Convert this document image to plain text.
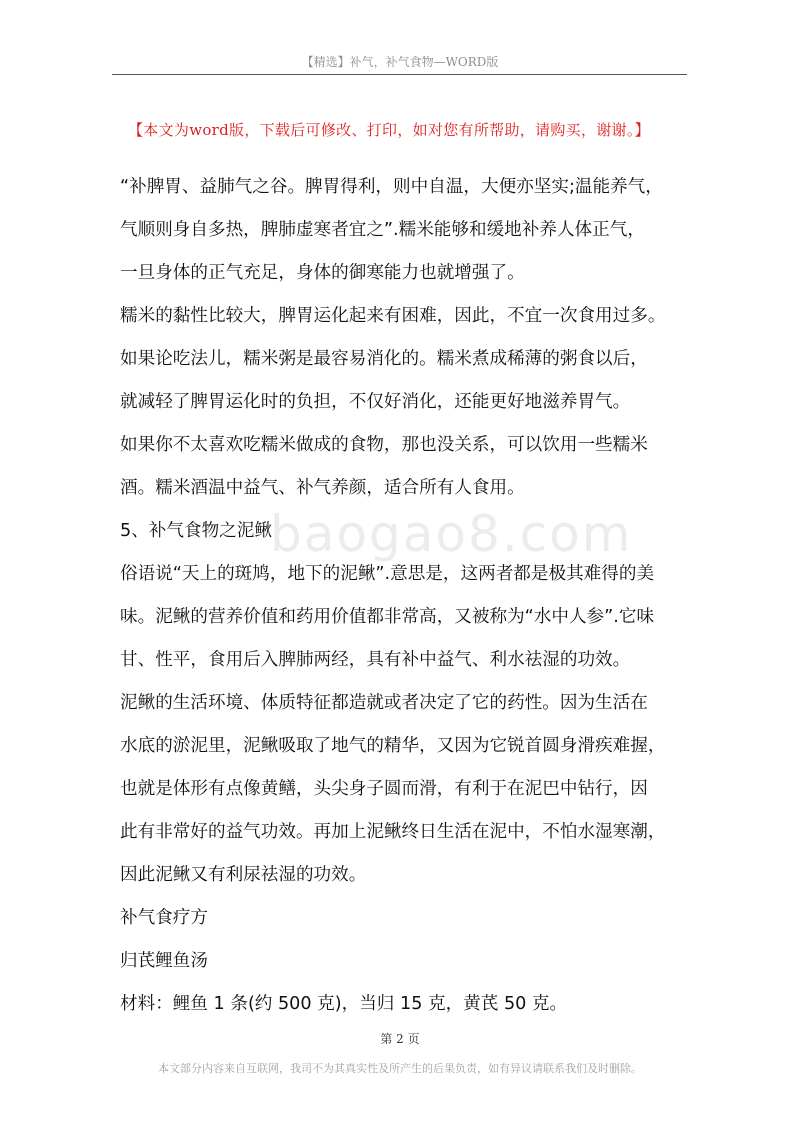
【精选】补气，补气食物—WORD版
【本文为word版，下载后可修改、打印，如对您有所帮助，请购买，谢谢。】
baogao8.com
“补脾胃、益肺气之谷。脾胃得利，则中自温，大便亦坚实;温能养气，
气顺则身自多热，脾肺虚寒者宜之”.糯米能够和缓地补养人体正气，
一旦身体的正气充足，身体的御寒能力也就增强了。
糯米的黏性比较大，脾胃运化起来有困难，因此，不宜一次食用过多。
如果论吃法儿，糯米粥是最容易消化的。糯米煮成稀薄的粥食以后，
就减轻了脾胃运化时的负担，不仅好消化，还能更好地滋养胃气。
如果你不太喜欢吃糯米做成的食物，那也没关系，可以饮用一些糯米
酒。糯米酒温中益气、补气养颜，适合所有人食用。
5、补气食物之泥鳅
俗语说“天上的斑鸠，地下的泥鳅”.意思是，这两者都是极其难得的美
味。泥鳅的营养价值和药用价值都非常高，又被称为“水中人参”.它味
甘、性平，食用后入脾肺两经，具有补中益气、利水祛湿的功效。
泥鳅的生活环境、体质特征都造就或者决定了它的药性。因为生活在
水底的淤泥里，泥鳅吸取了地气的精华，又因为它锐首圆身滑疾难握，
也就是体形有点像黄鳝，头尖身子圆而滑，有利于在泥巴中钻行，因
此有非常好的益气功效。再加上泥鳅终日生活在泥中，不怕水湿寒潮，
因此泥鳅又有利尿祛湿的功效。
补气食疗方
归芪鲤鱼汤
材料：鲤鱼 1 条(约 500 克)，当归 15 克，黄芪 50 克。
第 2 页
本文部分内容来自互联网，我司不为其真实性及所产生的后果负责，如有异议请联系我们及时删除。
